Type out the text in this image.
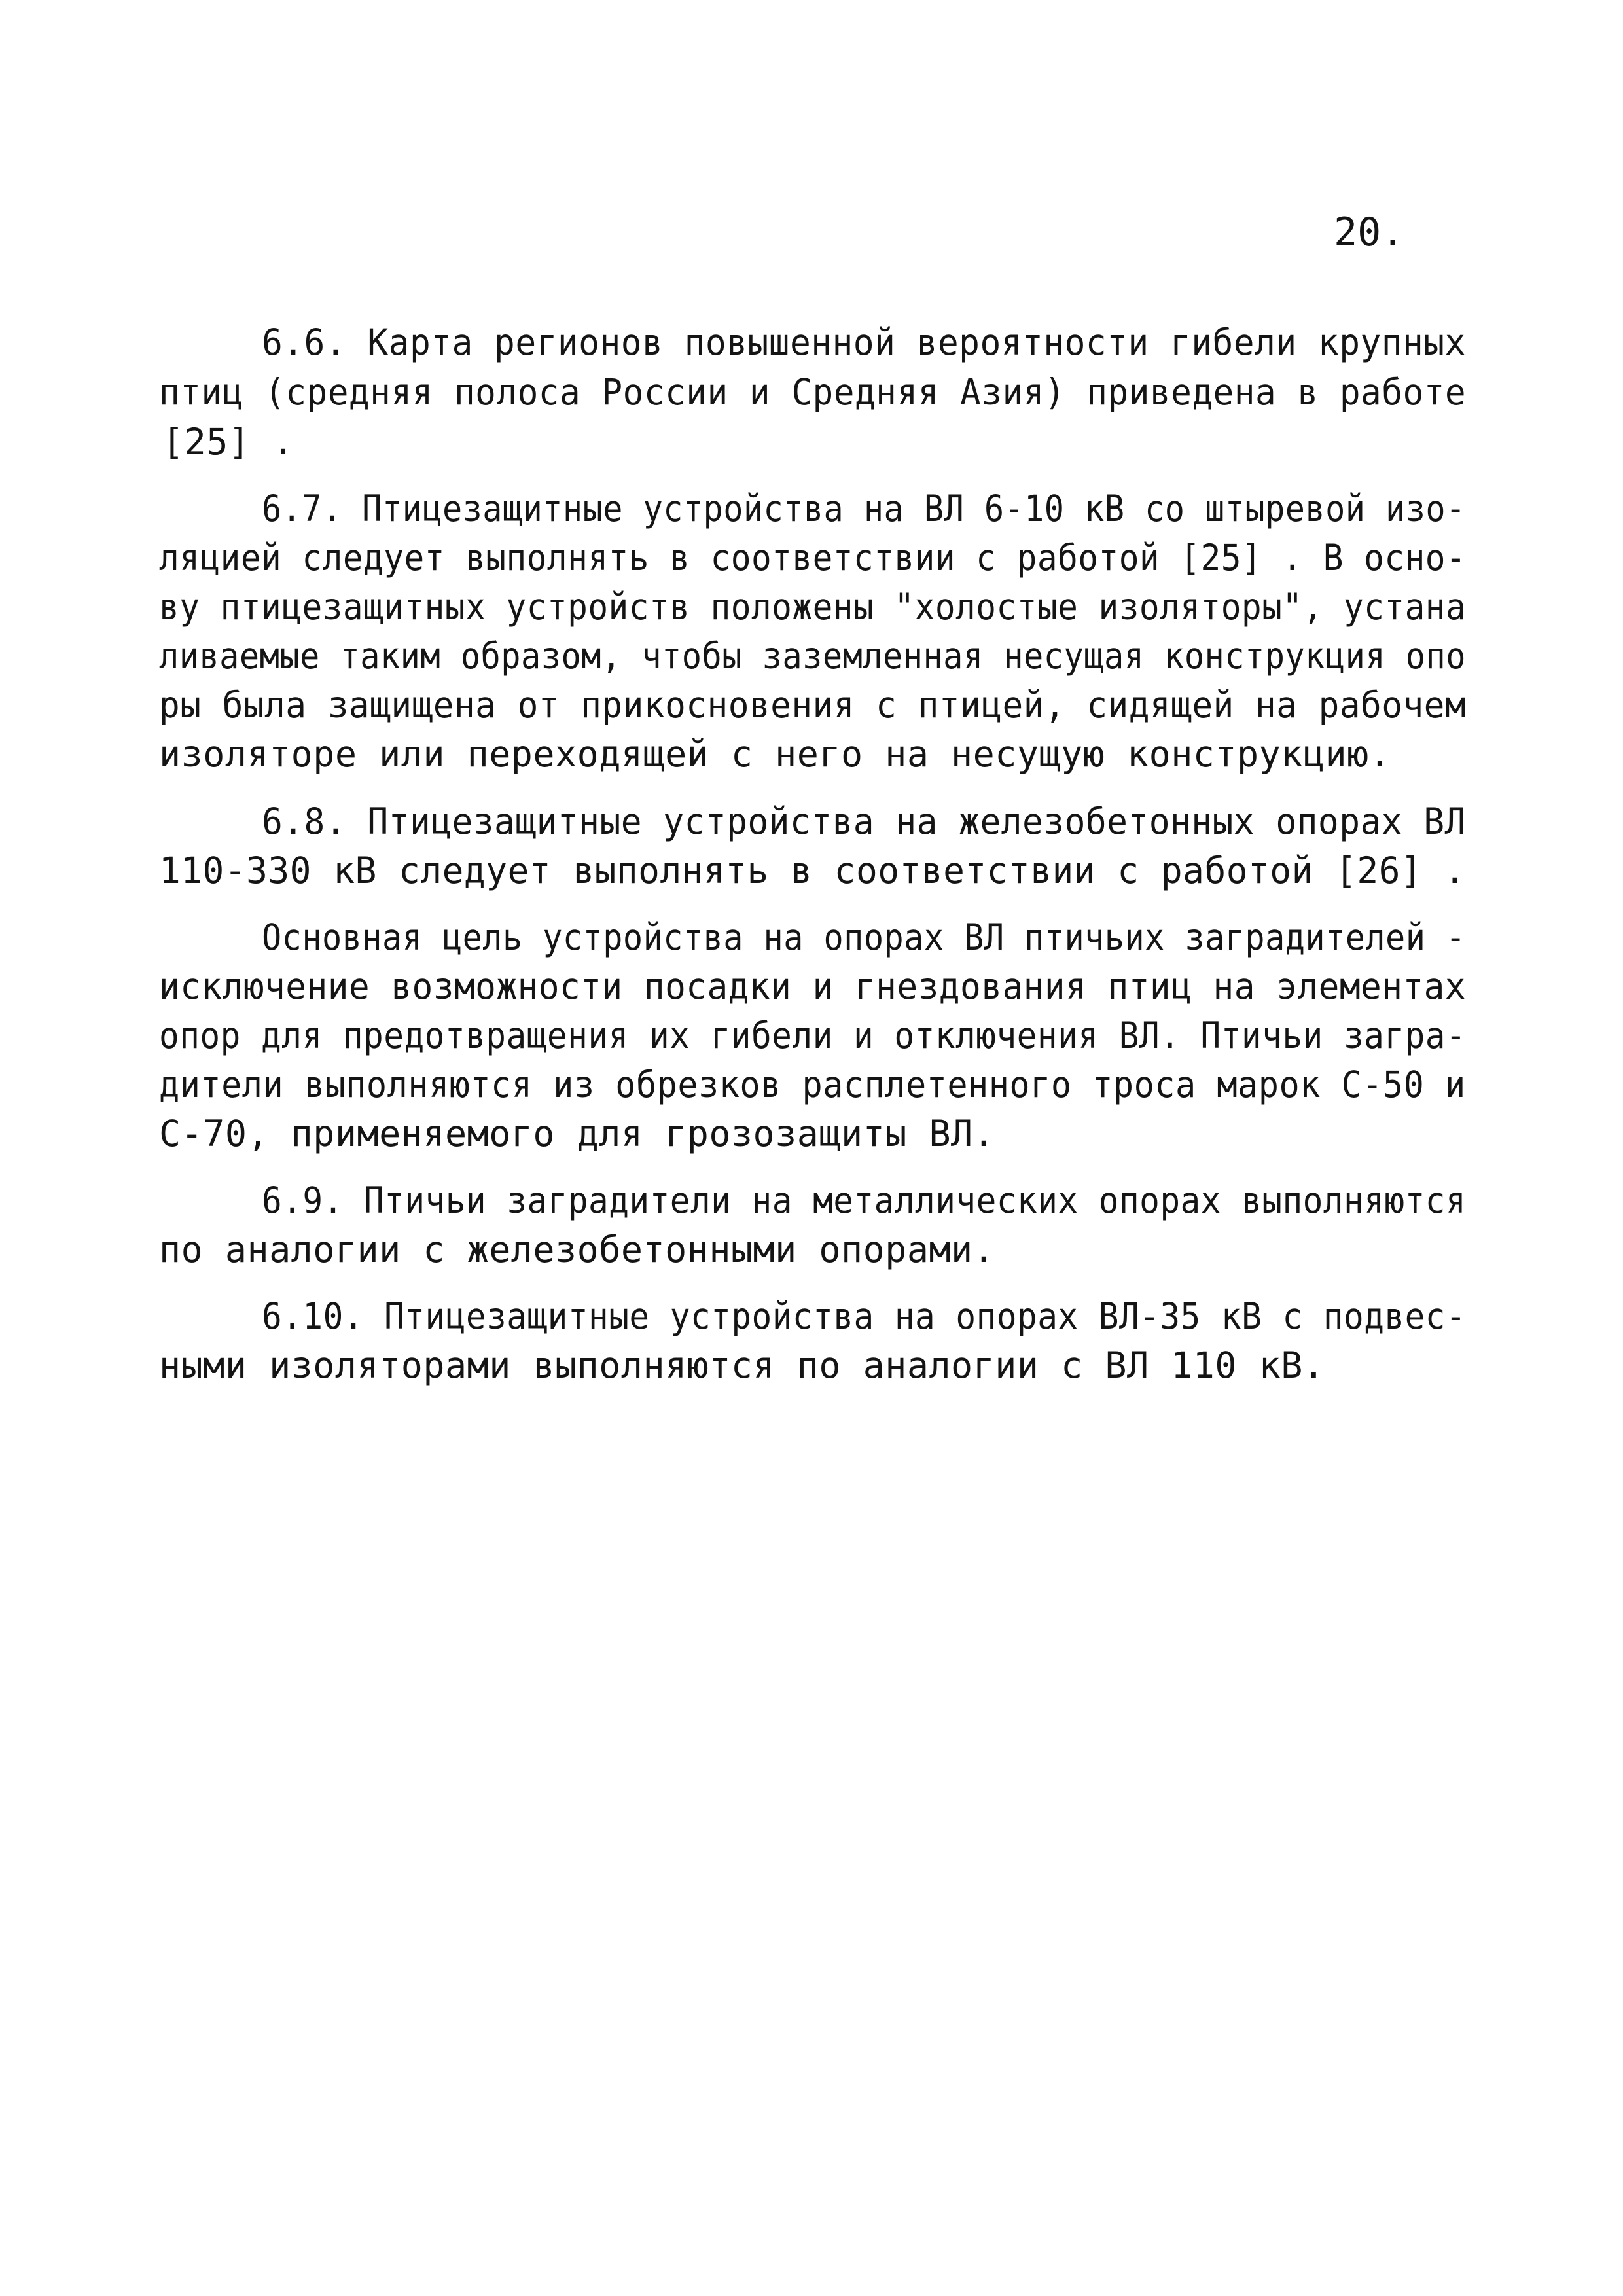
20.
6.6. Карта регионов повышенной вероятности гибели крупных
птиц (средняя полоса России и Средняя Азия) приведена в работе
[25] .
6.7. Птицезащитные устройства на ВЛ 6-10 кВ со штыревой изо-
ляцией следует выполнять в соответствии с работой [25] . В осно-
ву птицезащитных устройств положены "холостые изоляторы", устана
ливаемые таким образом, чтобы заземленная несущая конструкция опо
ры была защищена от прикосновения с птицей, сидящей на рабочем
изоляторе или переходящей с него на несущую конструкцию.
6.8. Птицезащитные устройства на железобетонных опорах ВЛ
110-330 кВ следует выполнять в соответствии с работой [26] .
Основная цель устройства на опорах ВЛ птичьих заградителей -
исключение возможности посадки и гнездования птиц на элементах
опор для предотвращения их гибели и отключения ВЛ. Птичьи загра-
дители выполняются из обрезков расплетенного троса марок С-50 и
С-70, применяемого для грозозащиты ВЛ.
6.9. Птичьи заградители на металлических опорах выполняются
по аналогии с железобетонными опорами.
6.10. Птицезащитные устройства на опорах ВЛ-35 кВ с подвес-
ными изоляторами выполняются по аналогии с ВЛ 110 кВ.
